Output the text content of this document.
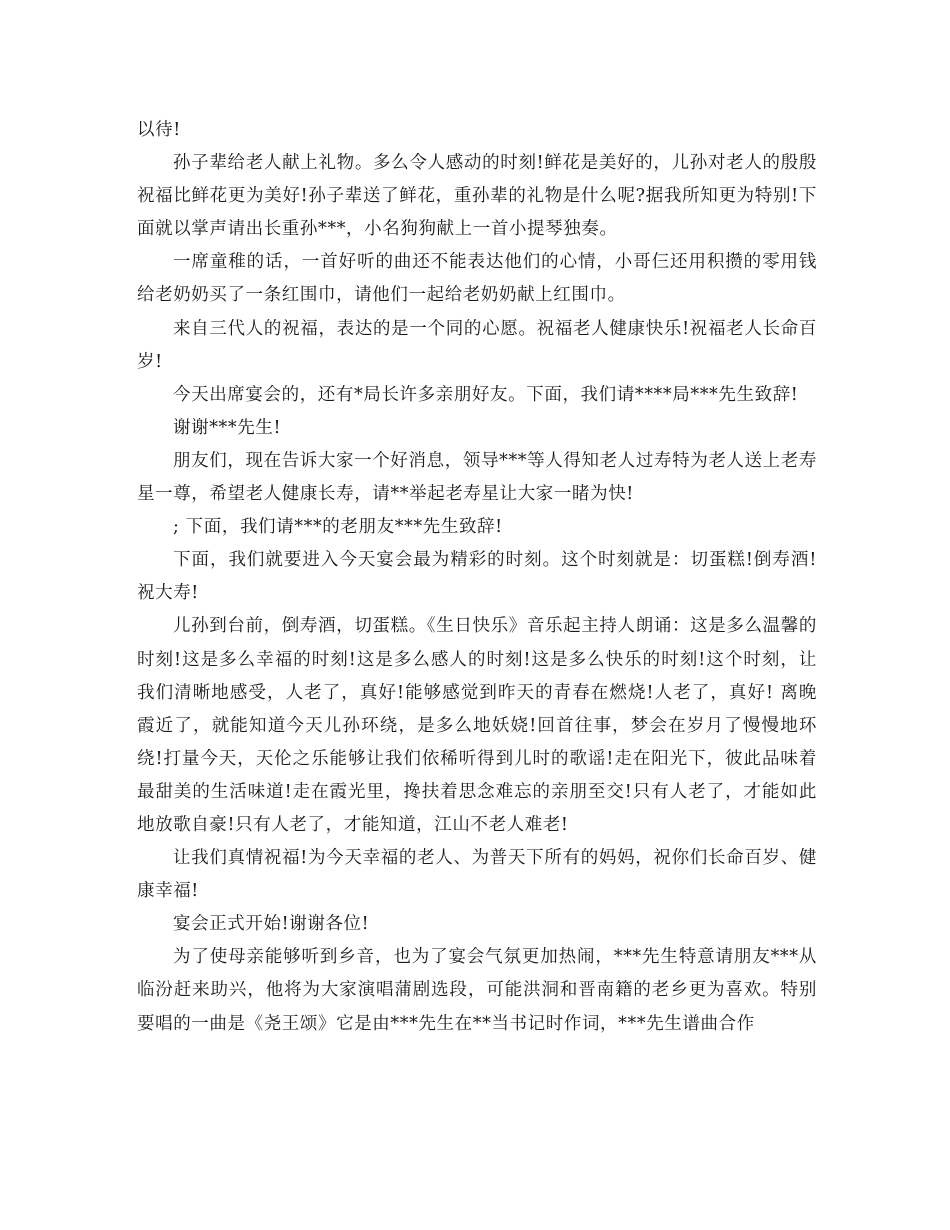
以待!

孙子辈给老人献上礼物。多么令人感动的时刻!鲜花是美好的，儿孙对老人的殷殷祝福比鲜花更为美好!孙子辈送了鲜花，重孙辈的礼物是什么呢?据我所知更为特别!下面就以掌声请出长重孙***，小名狗狗献上一首小提琴独奏。

一席童稚的话，一首好听的曲还不能表达他们的心情，小哥仨还用积攒的零用钱给老奶奶买了一条红围巾，请他们一起给老奶奶献上红围巾。

来自三代人的祝福，表达的是一个同的心愿。祝福老人健康快乐!祝福老人长命百岁!

今天出席宴会的，还有*局长许多亲朋好友。下面，我们请****局***先生致辞!

谢谢***先生!

朋友们，现在告诉大家一个好消息，领导***等人得知老人过寿特为老人送上老寿星一尊，希望老人健康长寿，请**举起老寿星让大家一睹为快!

; 下面，我们请***的老朋友***先生致辞!

下面，我们就要进入今天宴会最为精彩的时刻。这个时刻就是：切蛋糕!倒寿酒!祝大寿!

儿孙到台前，倒寿酒，切蛋糕。《生日快乐》音乐起主持人朗诵：这是多么温馨的时刻!这是多么幸福的时刻!这是多么感人的时刻!这是多么快乐的时刻!这个时刻，让我们清晰地感受，人老了，真好!能够感觉到昨天的青春在燃烧!人老了，真好! 离晚霞近了，就能知道今天儿孙环绕，是多么地妖娆!回首往事，梦会在岁月了慢慢地环绕!打量今天，天伦之乐能够让我们依稀听得到儿时的歌谣!走在阳光下，彼此品味着最甜美的生活味道!走在霞光里，搀扶着思念难忘的亲朋至交!只有人老了，才能如此地放歌自豪!只有人老了，才能知道，江山不老人难老!

让我们真情祝福!为今天幸福的老人、为普天下所有的妈妈，祝你们长命百岁、健康幸福!

宴会正式开始!谢谢各位!

为了使母亲能够听到乡音，也为了宴会气氛更加热闹，***先生特意请朋友***从临汾赶来助兴，他将为大家演唱蒲剧选段，可能洪洞和晋南籍的老乡更为喜欢。特别要唱的一曲是《尧王颂》它是由***先生在**当书记时作词，***先生谱曲合作
